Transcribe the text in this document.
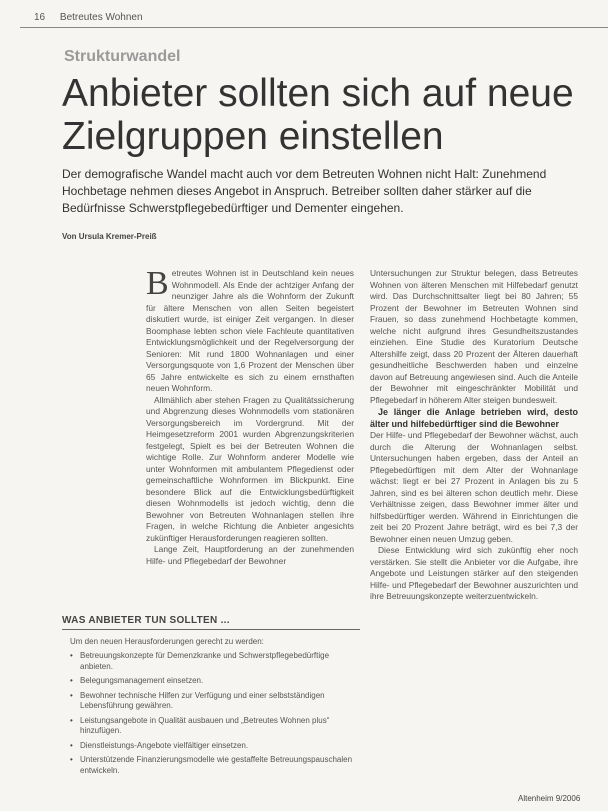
16 Betreutes Wohnen
Strukturwandel
Anbieter sollten sich auf neue Zielgruppen einstellen

Der demografische Wandel macht auch vor dem Betreuten Wohnen nicht Halt: Zunehmend Hochbetage nehmen dieses Angebot in Anspruch. Betreiber sollten daher stärker auf die Bedürfnisse Schwerstpflegebedürftiger und Dementer eingehen.

Von Ursula Kremer-Preiß

Betreutes Wohnen ist in Deutschland kein neues Wohnmodell. Als Ende der achtziger Anfang der neunziger Jahre als die Wohnform der Zukunft für ältere Menschen von allen Seiten begeistert diskutiert wurde, ist einiger Zeit vergangen. In dieser Boomphase lebten schon viele Fachleute quantitativen Entwicklungsmöglichkeit und der Regelversorgung der Senioren: Mit rund 1800 Wohnanlagen und einer Versorgungsquote von 1,6 Prozent der Menschen über 65 Jahre entwickelte es sich zu einem ernsthaften neuen Wohnform.

Allmählich aber stehen Fragen zu Qualitätssicherung und Abgrenzung dieses Wohnmodells vom stationären Versorgungsbereich im Vordergrund. Mit der Heimgesetzreform 2001 wurden Abgrenzungskriterien festgelegt, Spielt es bei der Betreuten Wohnen die wichtige Rolle. Zur Wohnform anderer Modelle wie unter Wohnformen mit ambulantem Pflegedienst oder gemeinschaftliche Wohnformen im Blickpunkt. Eine besondere Blick auf die Entwicklungsbedürftigkeit diesen Wohnmodells ist jedoch wichtig, denn die Bewohner von Betreuten Wohnanlagen stellen ihre Fragen, in welche Richtung die Anbieter angesichts zukünftiger Herausforderungen reagieren sollten.

Lange Zeit, Hauptforderung an der zunehmenden Hilfe- und Pflegebedarf der Bewohner

Untersuchungen zur Struktur belegen, dass Betreutes Wohnen von älteren Menschen mit Hilfebedarf genutzt wird. Das Durchschnittsalter liegt bei 80 Jahren; 55 Prozent der Bewohner im Betreuten Wohnen sind Frauen, so dass zunehmend Hochbetagte kommen, welche nicht aufgrund ihres Gesundheitszustandes einziehen. Eine Studie des Kuratorium Deutsche Altershilfe zeigt, dass 20 Prozent der Älteren dauerhaft gesundheitliche Beschwerden haben und einzelne davon auf Betreuung angewiesen sind. Auch die Anteile der Bewohner mit eingeschränkter Mobilität und Pflegebedarf in höherem Alter steigen bundesweit.

Je länger die Anlage betrieben wird, desto älter und hilfebedürftiger sind die Bewohner

Der Hilfe- und Pflegebedarf der Bewohner wächst, auch durch die Alterung der Wohnanlagen selbst. Untersuchungen haben ergeben, dass der Anteil an Pflegebedürftigen mit dem Alter der Wohnanlage wächst: liegt er bei 27 Prozent in Anlagen bis zu 5 Jahren, sind es bei älteren schon deutlich mehr. Diese Verhältnisse zeigen, dass Bewohner immer älter und hilfsbedürftiger werden. Während in Einrichtungen die zeit bei 20 Prozent Jahre beträgt, wird es bei 7,3 der Bewohner einen neuen Umzug geben.

Diese Entwicklung wird sich zukünftig eher noch verstärken. Sie stellt die Anbieter vor die Aufgabe, ihre Angebote und Leistungen stärker auf den steigenden Hilfe- und Pflegebedarf der Bewohner auszurichten und ihre Betreuungskonzepte weiterzuentwickeln.

WAS ANBIETER TUN SOLLTEN ...

Um den neuen Herausforderungen gerecht zu werden:

• Betreuungskonzepte für Demenzkranke und Schwerstpflegebedürftige anbieten.
• Belegungsmanagement einsetzen.
• Bewohner technische Hilfen zur Verfügung und einer selbstständigen Lebensführung gewähren.
• Leistungsangebote in Qualität ausbauen und „Betreutes Wohnen plus“ hinzufügen.
• Dienstleistungs-Angebote vielfältiger einsetzen.
• Unterstützende Finanzierungsmodelle wie gestaffelte Betreuungspauschalen entwickeln.
Altenheim 9/2006
